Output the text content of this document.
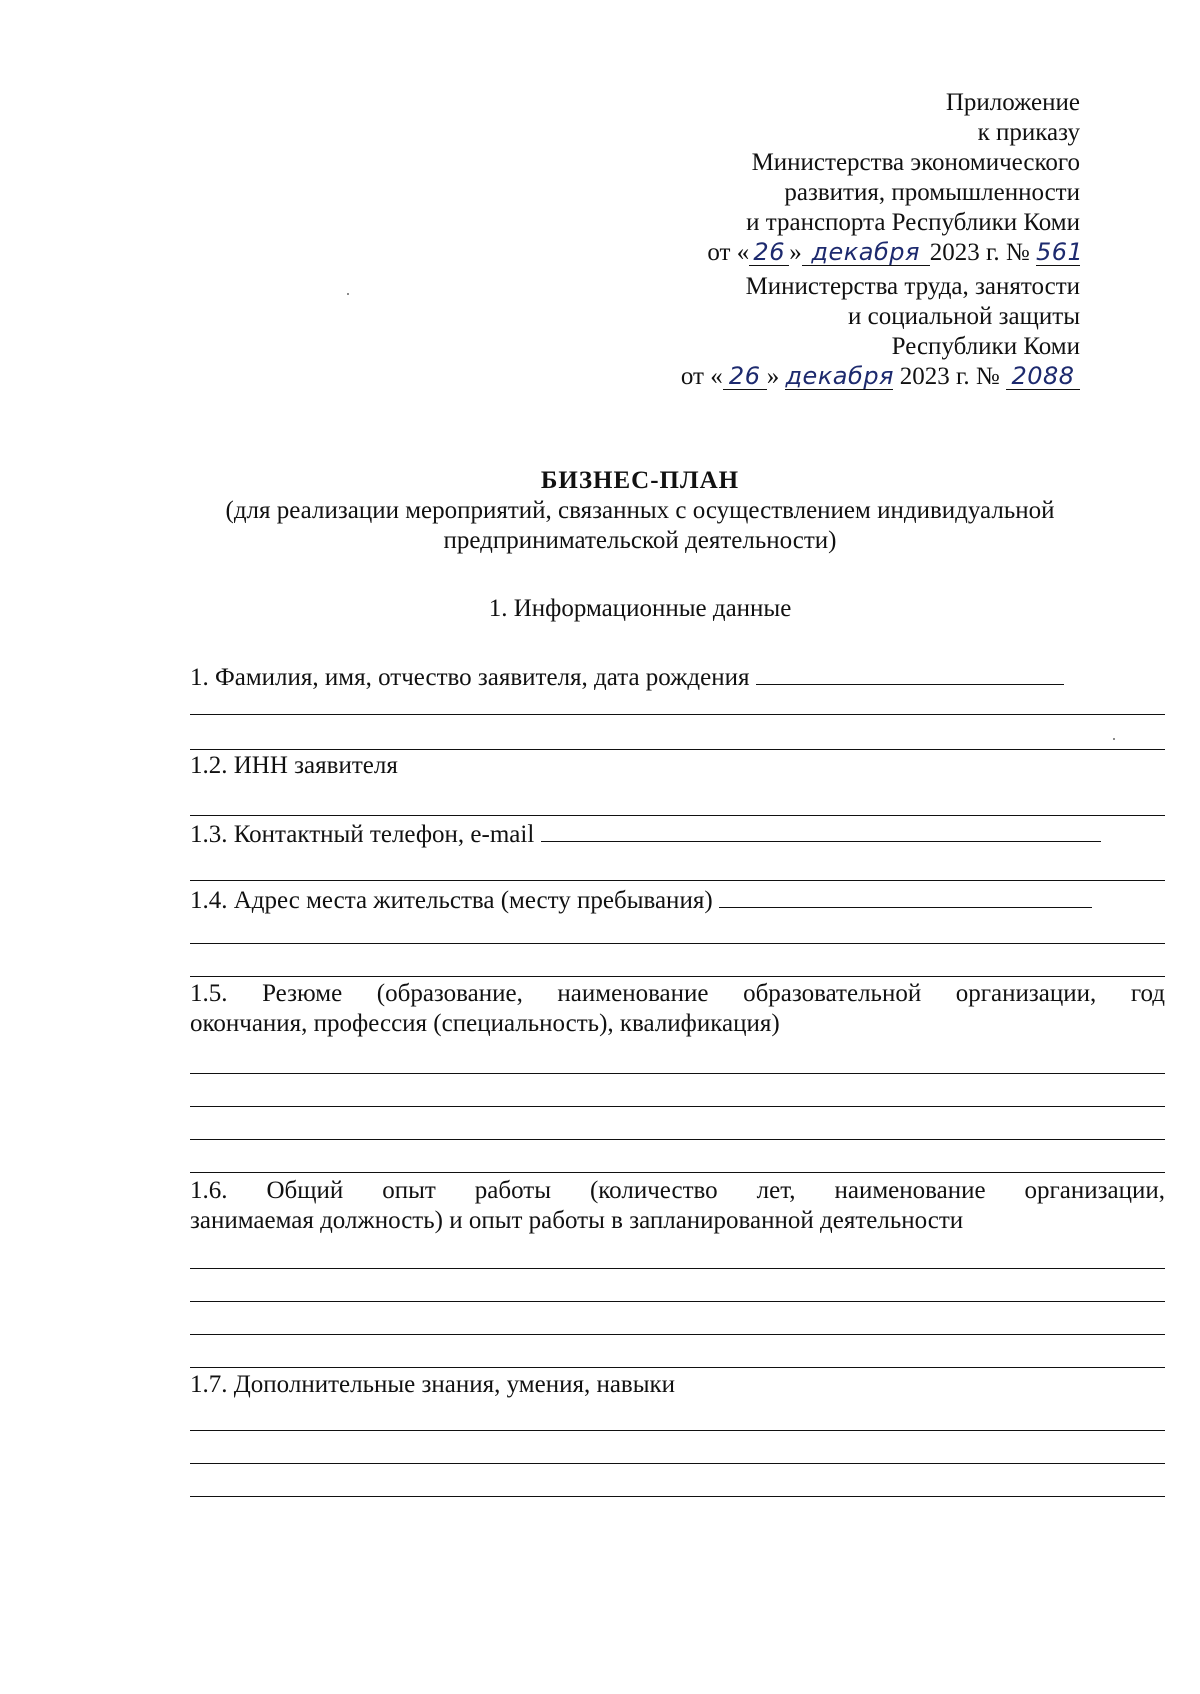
Приложение
к приказу
Министерства экономического
развития, промышленности
и транспорта Республики Коми
от « 26 » декабря 2023 г. № 561
Министерства труда, занятости
и социальной защиты
Республики Коми
от « 26 » декабря 2023 г. № 2088
БИЗНЕС-ПЛАН
(для реализации мероприятий, связанных с осуществлением индивидуальной
предпринимательской деятельности)
1. Информационные данные
1. Фамилия, имя, отчество заявителя, дата рождения
1.2. ИНН заявителя
1.3. Контактный телефон, e-mail
1.4. Адрес места жительства (месту пребывания)
1.5. Резюме (образование, наименование образовательной организации, год
окончания, профессия (специальность), квалификация)
1.6. Общий опыт работы (количество лет, наименование организации,
занимаемая должность) и опыт работы в запланированной деятельности
1.7. Дополнительные знания, умения, навыки
